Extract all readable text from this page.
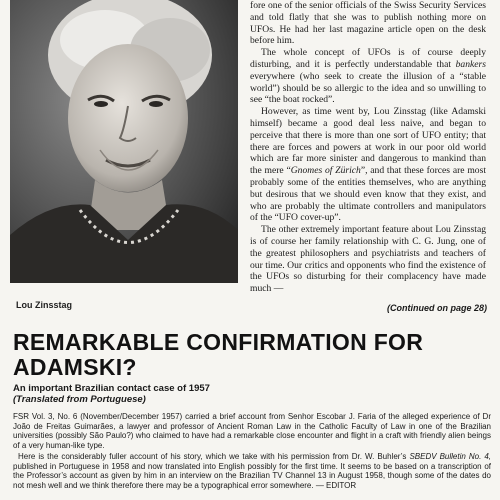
Lou Zinsstag

fore one of the senior officials of the Swiss Security Services and told flatly that she was to publish nothing more on UFOs. He had her last magazine article open on the desk before him.

The whole concept of UFOs is of course deeply disturbing, and it is perfectly understandable that bankers everywhere (who seek to create the illusion of a “stable world”) should be so allergic to the idea and so unwilling to see “the boat rocked”.

However, as time went by, Lou Zinsstag (like Adamski himself) became a good deal less naive, and began to perceive that there is more than one sort of UFO entity; that there are forces and powers at work in our poor old world which are far more sinister and dangerous to mankind than the mere “Gnomes of Zürich”, and that these forces are most probably some of the entities themselves, who are anything but desirous that we should even know that they exist, and who are probably the ultimate controllers and manipulators of the “UFO cover-up”.

The other extremely important feature about Lou Zinsstag is of course her family relationship with C. G. Jung, one of the greatest philosophers and psychiatrists and teachers of our time. Our critics and opponents who find the existence of the UFOs so disturbing for their complacency have made much —

(Continued on page 28)
REMARKABLE CONFIRMATION FOR ADAMSKI?
An important Brazilian contact case of 1957
(Translated from Portuguese)

FSR Vol. 3, No. 6 (November/December 1957) carried a brief account from Senhor Escobar J. Faria of the alleged experience of Dr João de Freitas Guimarães, a lawyer and professor of Ancient Roman Law in the Catholic Faculty of Law in one of the Brazilian universities (possibly São Paulo?) who claimed to have had a remarkable close encounter and flight in a craft with friendly alien beings of a very human-like type.

Here is the considerably fuller account of his story, which we take with his permission from Dr. W. Buhler’s SBEDV Bulletin No. 4, published in Portuguese in 1958 and now translated into English possibly for the first time. It seems to be based on a transcription of the Professor’s account as given by him in an interview on the Brazilian TV Channel 13 in August 1958, though some of the dates do not mesh well and we think therefore there may be a typographical error somewhere. — EDITOR
